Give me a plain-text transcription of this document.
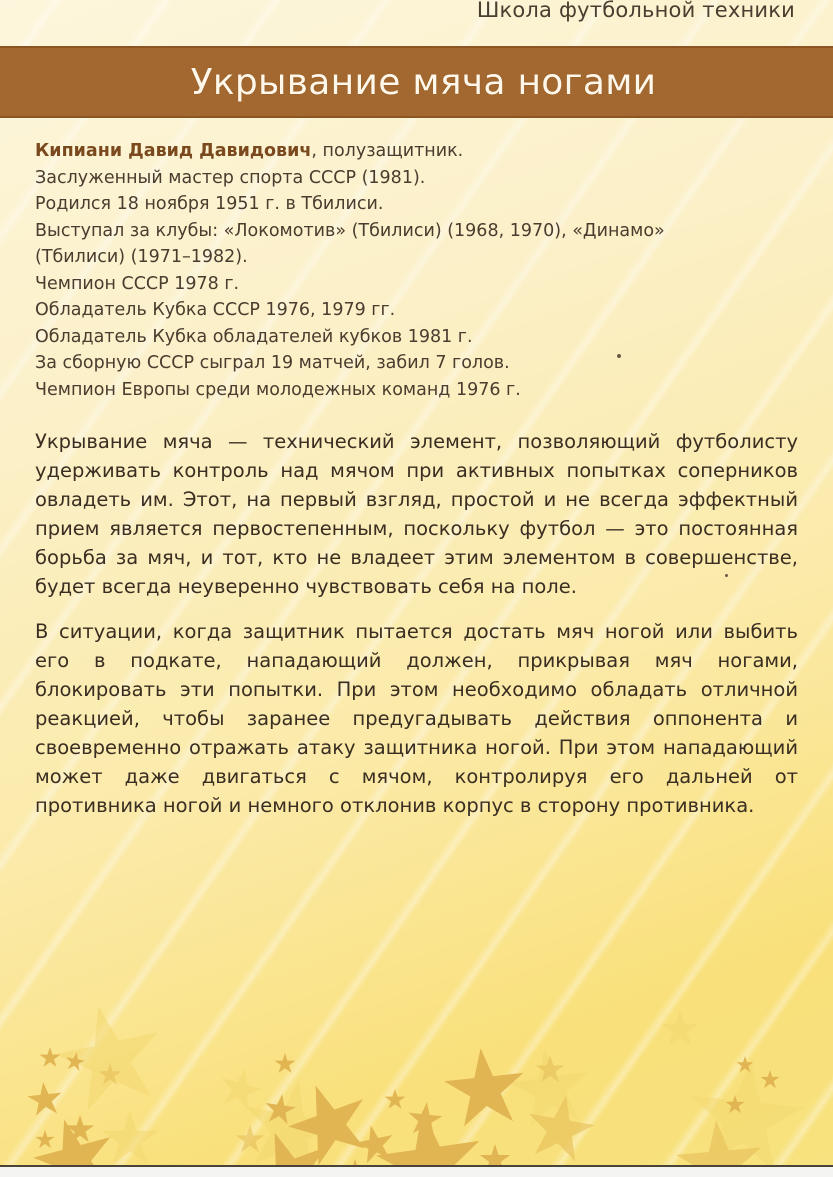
Школа футбольной техники
Укрывание мяча ногами
Кипиани Давид Давидович, полузащитник.
Заслуженный мастер спорта СССР (1981).
Родился 18 ноября 1951 г. в Тбилиси.
Выступал за клубы: «Локомотив» (Тбилиси) (1968, 1970), «Динамо»
(Тбилиси) (1971–1982).
Чемпион СССР 1978 г.
Обладатель Кубка СССР 1976, 1979 гг.
Обладатель Кубка обладателей кубков 1981 г.
За сборную СССР сыграл 19 матчей, забил 7 голов.
Чемпион Европы среди молодежных команд 1976 г.

Укрывание мяча — технический элемент, позволяющий футболисту удерживать контроль над мячом при активных попытках соперников овладеть им. Этот, на первый взгляд, простой и не всегда эффектный прием является первостепенным, поскольку футбол — это постоянная борьба за мяч, и тот, кто не владеет этим элементом в совершенстве, будет всегда неуверенно чувствовать себя на поле.

В ситуации, когда защитник пытается достать мяч ногой или выбить его в подкате, нападающий должен, прикрывая мяч ногами, блокировать эти попытки. При этом необходимо обладать отличной реакцией, чтобы заранее предугадывать действия оппонента и своевременно отражать атаку защитника ногой. При этом нападающий может даже двигаться с мячом, контролируя его дальней от противника ногой и немного отклонив корпус в сторону противника.
